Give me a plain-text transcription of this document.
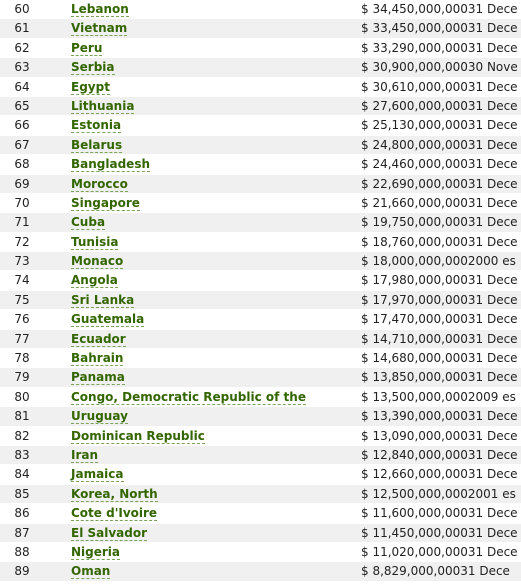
60	Lebanon	$ 34,450,000,00031 Dece
61	Vietnam	$ 33,450,000,00031 Dece
62	Peru	$ 33,290,000,00031 Dece
63	Serbia	$ 30,900,000,00030 Nove
64	Egypt	$ 30,610,000,00031 Dece
65	Lithuania	$ 27,600,000,00031 Dece
66	Estonia	$ 25,130,000,00031 Dece
67	Belarus	$ 24,800,000,00031 Dece
68	Bangladesh	$ 24,460,000,00031 Dece
69	Morocco	$ 22,690,000,00031 Dece
70	Singapore	$ 21,660,000,00031 Dece
71	Cuba	$ 19,750,000,00031 Dece
72	Tunisia	$ 18,760,000,00031 Dece
73	Monaco	$ 18,000,000,0002000 es
74	Angola	$ 17,980,000,00031 Dece
75	Sri Lanka	$ 17,970,000,00031 Dece
76	Guatemala	$ 17,470,000,00031 Dece
77	Ecuador	$ 14,710,000,00031 Dece
78	Bahrain	$ 14,680,000,00031 Dece
79	Panama	$ 13,850,000,00031 Dece
80	Congo, Democratic Republic of the	$ 13,500,000,0002009 es
81	Uruguay	$ 13,390,000,00031 Dece
82	Dominican Republic	$ 13,090,000,00031 Dece
83	Iran	$ 12,840,000,00031 Dece
84	Jamaica	$ 12,660,000,00031 Dece
85	Korea, North	$ 12,500,000,0002001 es
86	Cote d'Ivoire	$ 11,600,000,00031 Dece
87	El Salvador	$ 11,450,000,00031 Dece
88	Nigeria	$ 11,020,000,00031 Dece
89	Oman	$ 8,829,000,00031 Dece
